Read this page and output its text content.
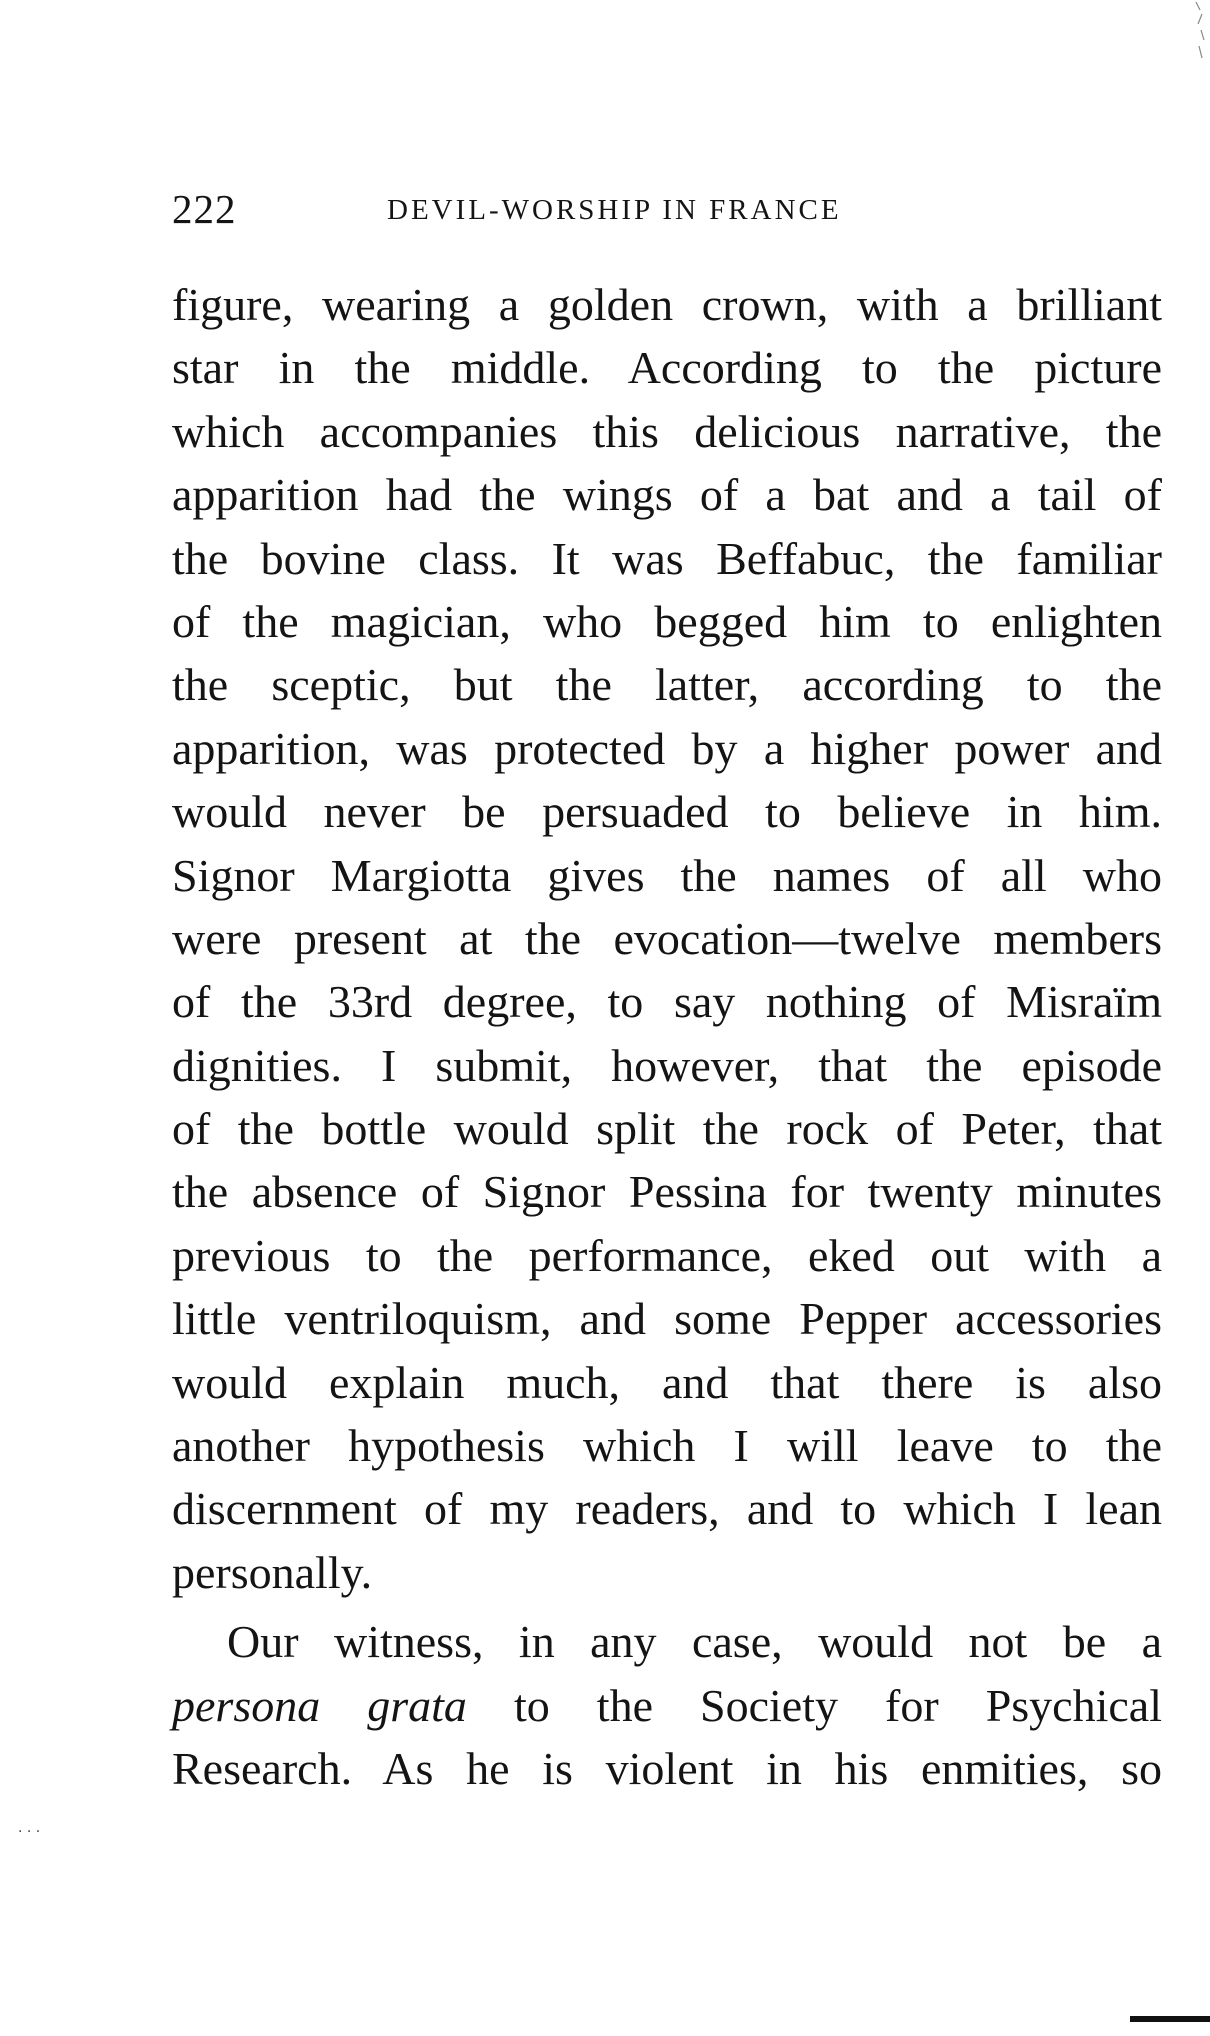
222	DEVIL-WORSHIP IN FRANCE
figure, wearing a golden crown, with a brilliant
star in the middle. According to the picture
which accompanies this delicious narrative, the
apparition had the wings of a bat and a tail of
the bovine class. It was Beffabuc, the familiar
of the magician, who begged him to enlighten
the sceptic, but the latter, according to the
apparition, was protected by a higher power and
would never be persuaded to believe in him.
Signor Margiotta gives the names of all who
were present at the evocation—twelve members
of the 33rd degree, to say nothing of Misraïm
dignities. I submit, however, that the episode
of the bottle would split the rock of Peter, that
the absence of Signor Pessina for twenty minutes
previous to the performance, eked out with a
little ventriloquism, and some Pepper accessories
would explain much, and that there is also
another hypothesis which I will leave to the
discernment of my readers, and to which I lean
personally.
Our witness, in any case, would not be a
persona grata to the Society for Psychical
Research. As he is violent in his enmities, so
. . .
